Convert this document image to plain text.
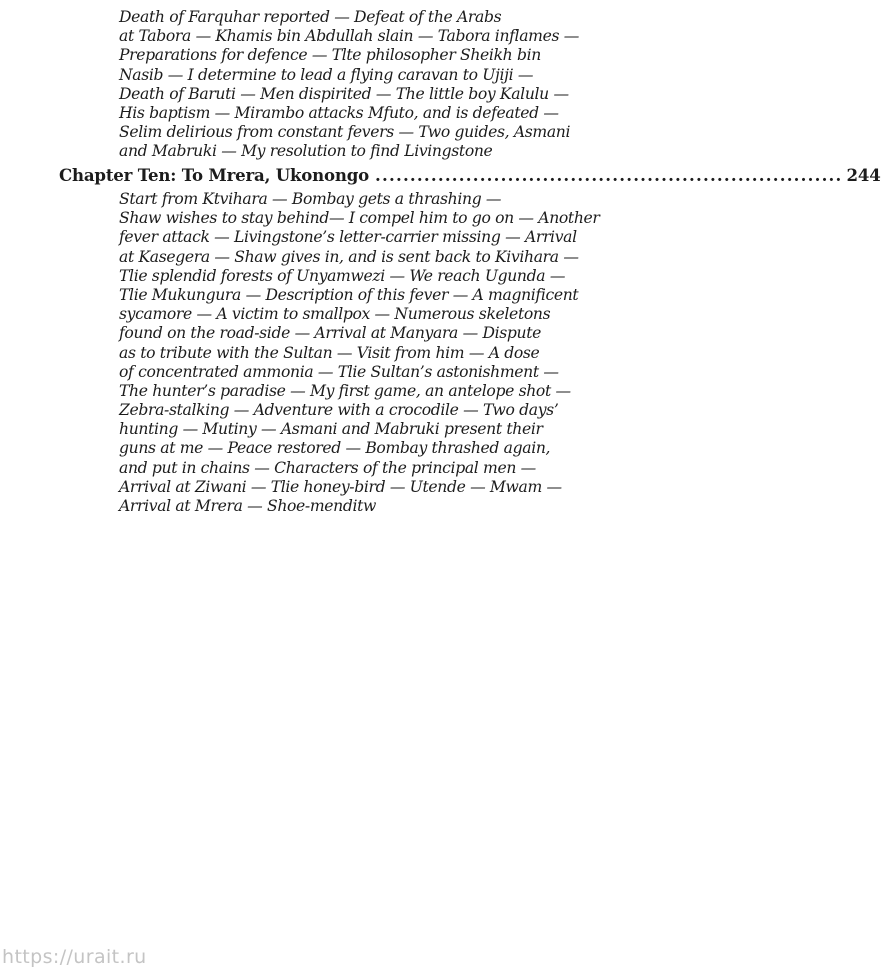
Death of Farquhar reported — Defeat of the Arabs
at Tabora — Khamis bin Abdullah slain — Tabora inflames —
Preparations for defence — Tlte philosopher Sheikh bin
Nasib — I determine to lead a flying caravan to Ujiji —
Death of Baruti — Men dispirited — The little boy Kalulu —
His baptism — Mirambo attacks Mfuto, and is defeated —
Selim delirious from constant fevers — Two guides, Asmani
and Mabruki — My resolution to find Livingstone
Chapter Ten: To Mrera, Ukonongo ................................................................... 244
Start from Ktvihara — Bombay gets a thrashing —
Shaw wishes to stay behind— I compel him to go on — Another
fever attack — Livingstone’s letter-carrier missing — Arrival
at Kasegera — Shaw gives in, and is sent back to Kivihara —
Tlie splendid forests of Unyamwezi — We reach Ugunda —
Tlie Mukungura — Description of this fever — A magnificent
sycamore — A victim to smallpox — Numerous skeletons
found on the road-side — Arrival at Manyara — Dispute
as to tribute with the Sultan — Visit from him — A dose
of concentrated ammonia — Tlie Sultan’s astonishment —
The hunter’s paradise — My first game, an antelope shot —
Zebra-stalking — Adventure with a crocodile — Two days’
hunting — Mutiny — Asmani and Mabruki present their
guns at me — Peace restored — Bombay thrashed again,
and put in chains — Characters of the principal men —
Arrival at Ziwani — Tlie honey-bird — Utende — Mwam —
Arrival at Mrera — Shoe-menditw
https://urait.ru
